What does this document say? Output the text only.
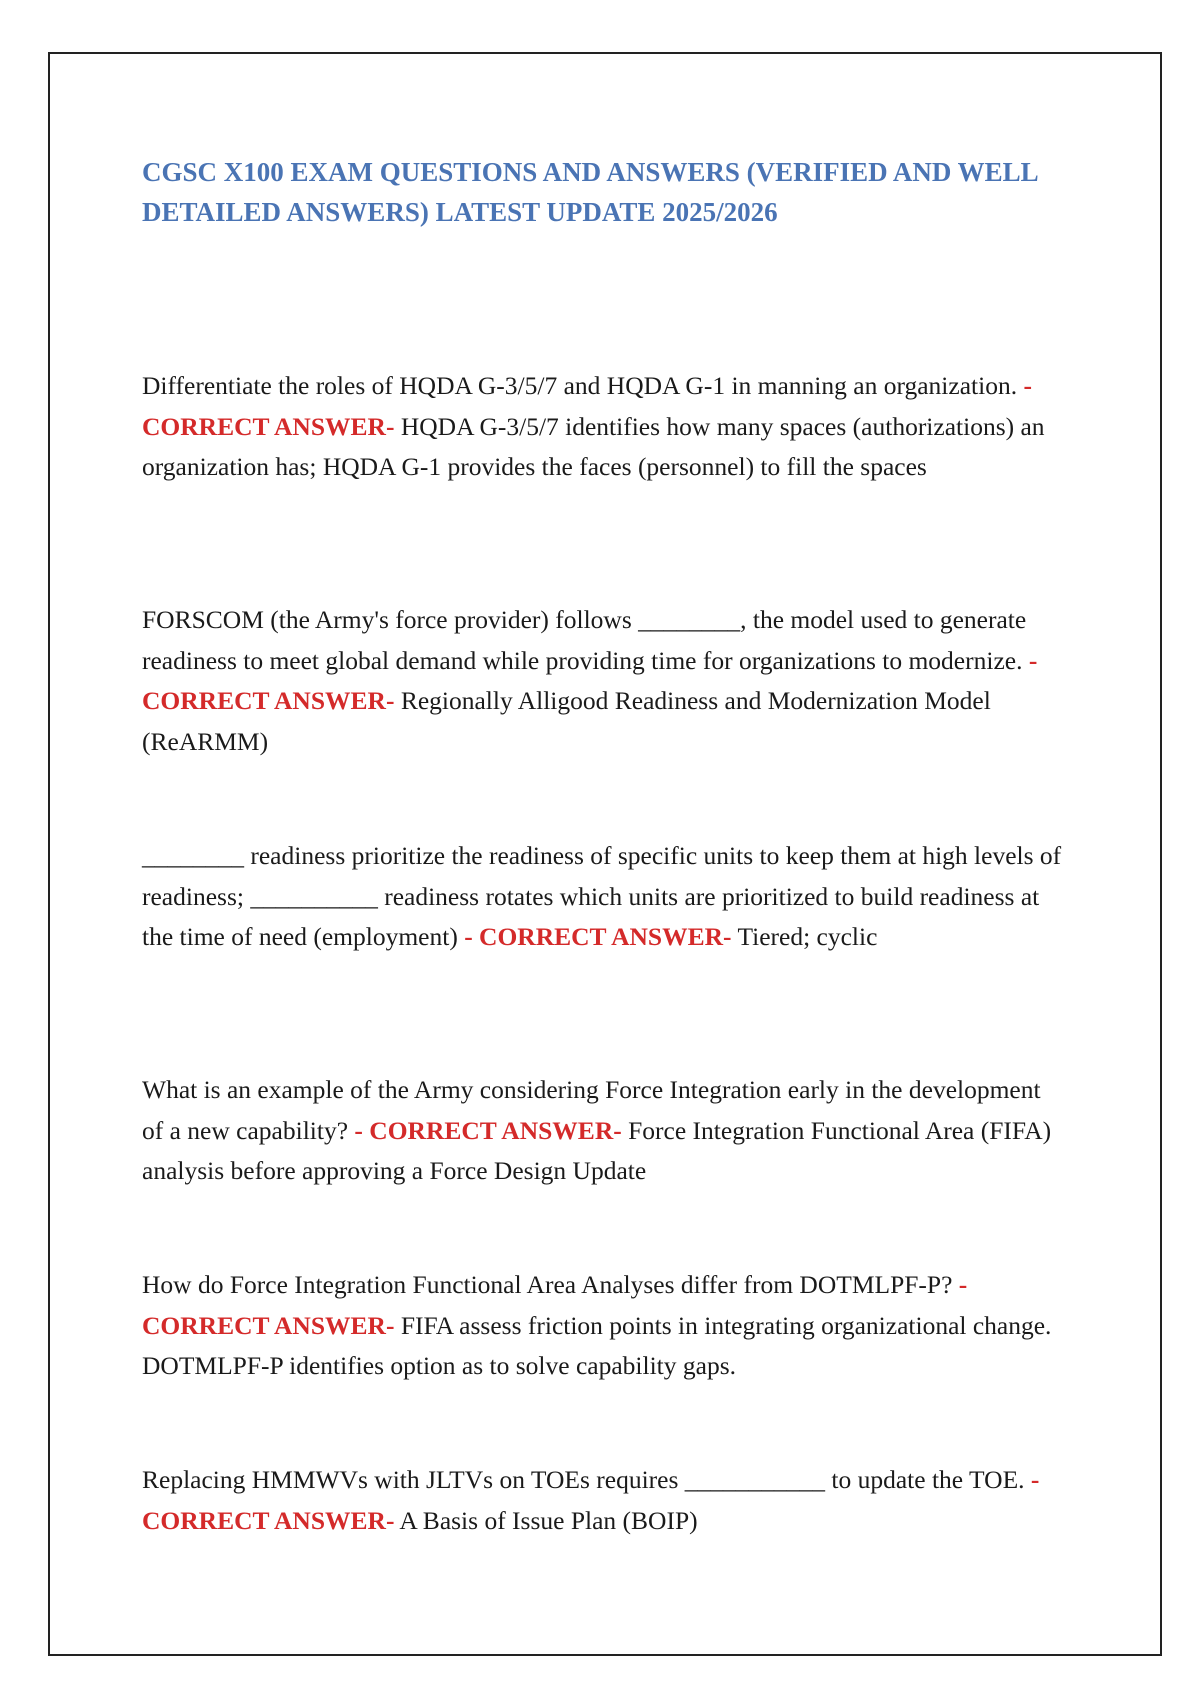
CGSC X100 EXAM QUESTIONS AND ANSWERS (VERIFIED AND WELL DETAILED ANSWERS) LATEST UPDATE 2025/2026

Differentiate the roles of HQDA G-3/5/7 and HQDA G-1 in manning an organization. - CORRECT ANSWER- HQDA G-3/5/7 identifies how many spaces (authorizations) an organization has; HQDA G-1 provides the faces (personnel) to fill the spaces

FORSCOM (the Army's force provider) follows ________, the model used to generate readiness to meet global demand while providing time for organizations to modernize. - CORRECT ANSWER- Regionally Alligood Readiness and Modernization Model (ReARMM)

________ readiness prioritize the readiness of specific units to keep them at high levels of readiness; __________ readiness rotates which units are prioritized to build readiness at the time of need (employment) - CORRECT ANSWER- Tiered; cyclic

What is an example of the Army considering Force Integration early in the development of a new capability? - CORRECT ANSWER- Force Integration Functional Area (FIFA) analysis before approving a Force Design Update

How do Force Integration Functional Area Analyses differ from DOTMLPF-P? - CORRECT ANSWER- FIFA assess friction points in integrating organizational change. DOTMLPF-P identifies option as to solve capability gaps.

Replacing HMMWVs with JLTVs on TOEs requires ___________ to update the TOE. - CORRECT ANSWER- A Basis of Issue Plan (BOIP)
